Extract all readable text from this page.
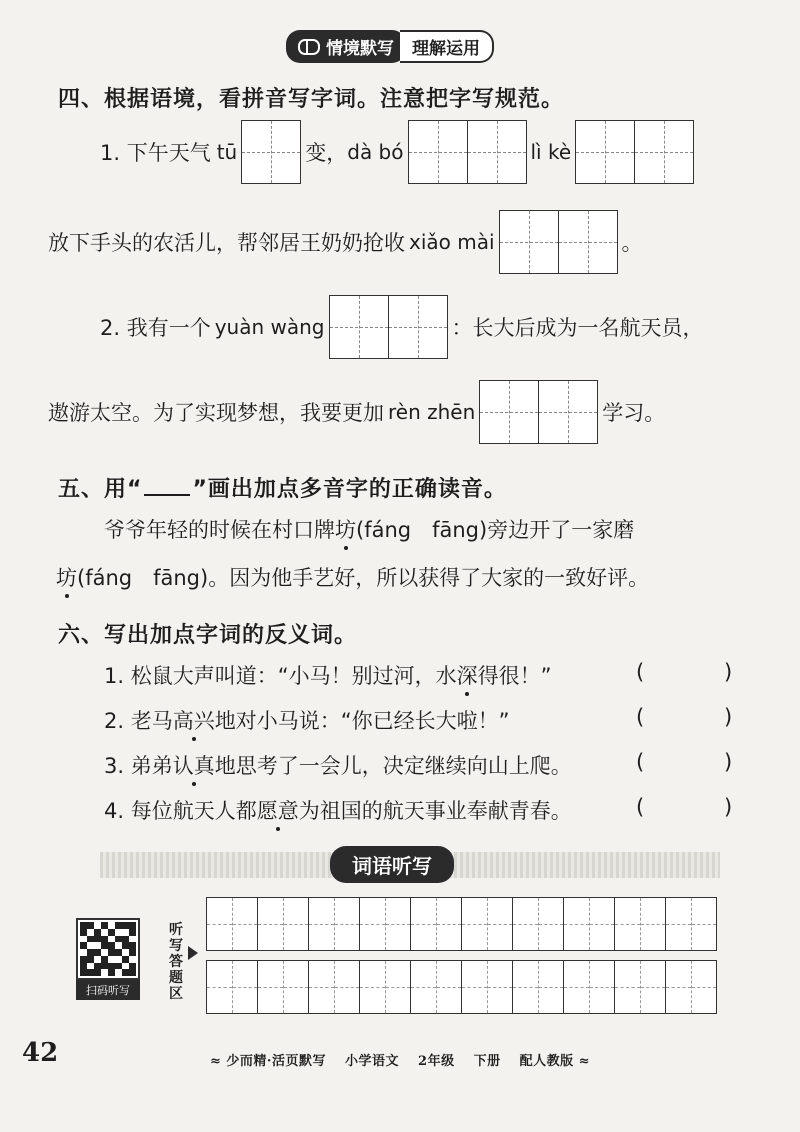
情境默写	理解运用
四、根据语境，看拼音写字词。注意把字写规范。
1. 下午天气 tū	变， dà bó	lì kè
放下手头的农活儿，帮邻居王奶奶抢收 xiǎo mài	。
2. 我有一个 yuàn wàng	：长大后成为一名航天员，
遨游太空。为了实现梦想，我要更加 rèn zhēn	学习。
五、用“ ”画出加点多音字的正确读音。
爷爷年轻的时候在村口牌 坊 (fáng　fāng)旁边开了一家磨
坊 (fáng　fāng)。因为他手艺好，所以获得了大家的一致好评。
六、写出加点字词的反义词。
1. 松鼠大声叫道：“小马！别过河，水 深 得很！”
2. 老马 高兴 地对小马说：“你已经长大啦！”
3. 弟弟 认真 地思考了一会儿，决定继续向山上爬。
4. 每位航天人都 愿意 为祖国的航天事业奉献青春。
(	)
(	)
(	)
(	)
词语听写
扫码听写
听写答题区
42	≈ 少而精·活页默写 小学语文 2年级 下册 配人教版 ≈
